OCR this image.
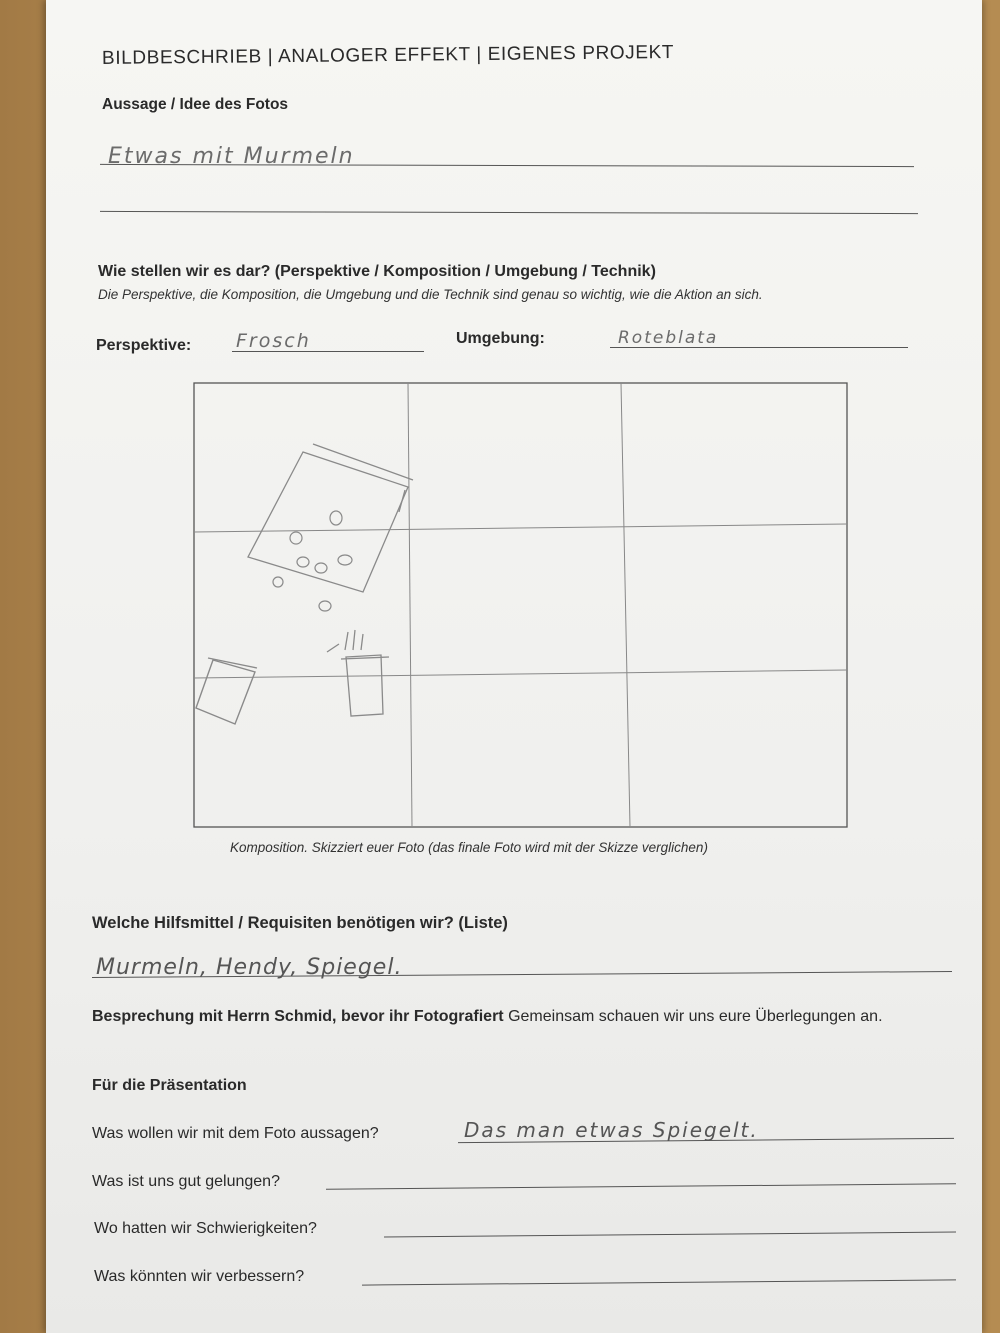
BILDBESCHRIEB | ANALOGER EFFEKT | EIGENES PROJEKT
Aussage / Idee des Fotos
Etwas mit Murmeln
Wie stellen wir es dar? (Perspektive / Komposition / Umgebung / Technik)
Die Perspektive, die Komposition, die Umgebung und die Technik sind genau so wichtig, wie die Aktion an sich.
Perspektive: Frosch	Umgebung:	Roteblata
Komposition. Skizziert euer Foto (das finale Foto wird mit der Skizze verglichen)
Welche Hilfsmittel / Requisiten benötigen wir? (Liste)
Murmeln, Hendy, Spiegel.
Besprechung mit Herrn Schmid, bevor ihr Fotografiert Gemeinsam schauen wir uns eure Überlegungen an.
Für die Präsentation
Was wollen wir mit dem Foto aussagen?	Das man etwas Spiegelt.
Was ist uns gut gelungen?
Wo hatten wir Schwierigkeiten?
Was könnten wir verbessern?
